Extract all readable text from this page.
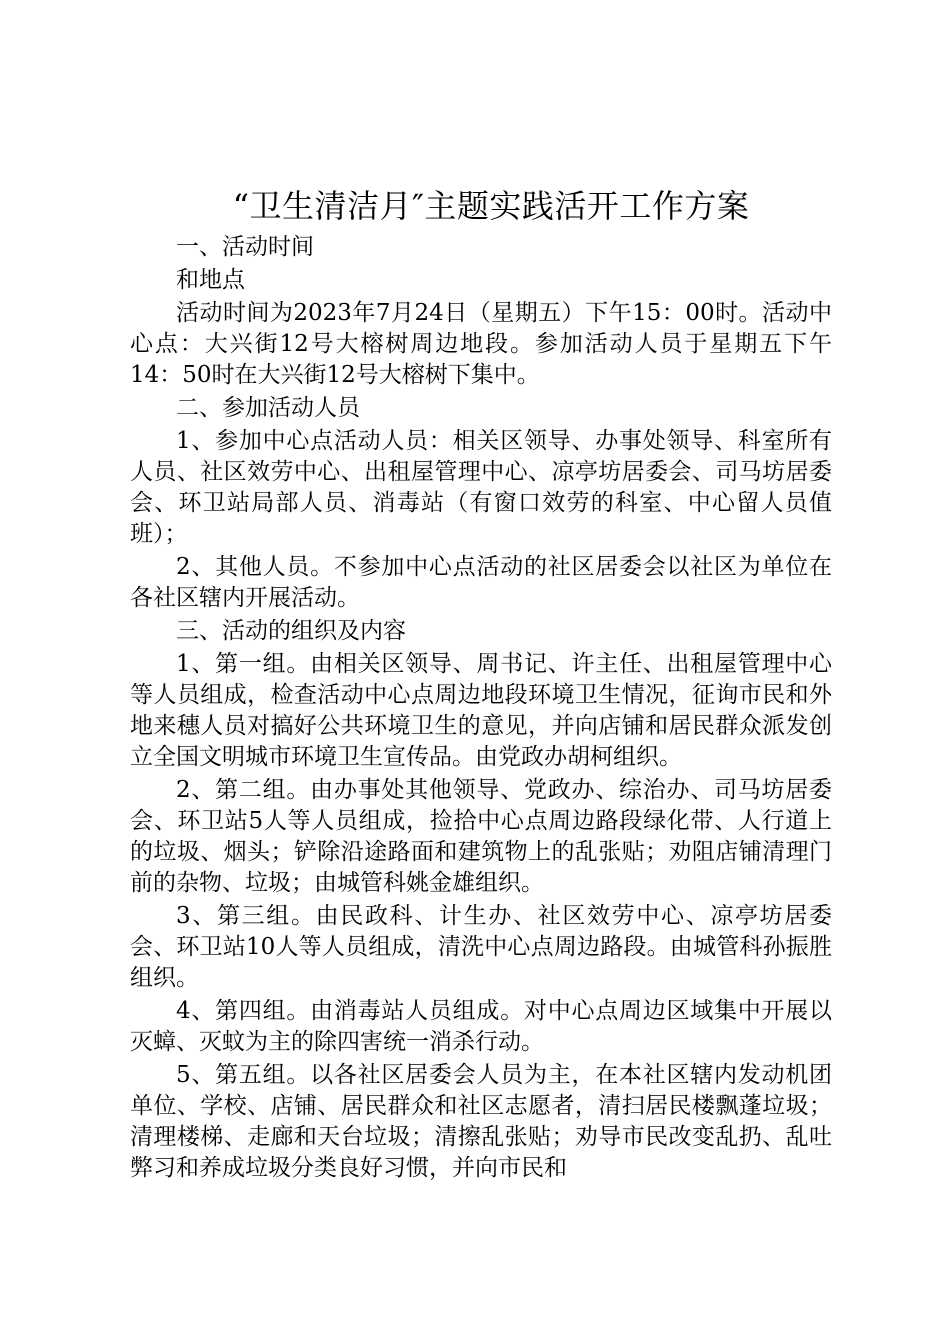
“卫生清洁月″主题实践活开工作方案

一、活动时间

和地点

活动时间为2023年7月24日（星期五）下午15：00时。活动中心点：大兴街12号大榕树周边地段。参加活动人员于星期五下午14：50时在大兴街12号大榕树下集中。

二、参加活动人员

1、参加中心点活动人员：相关区领导、办事处领导、科室所有人员、社区效劳中心、出租屋管理中心、凉亭坊居委会、司马坊居委会、环卫站局部人员、消毒站（有窗口效劳的科室、中心留人员值班）；

2、其他人员。不参加中心点活动的社区居委会以社区为单位在各社区辖内开展活动。

三、活动的组织及内容

1、第一组。由相关区领导、周书记、许主任、出租屋管理中心等人员组成，检查活动中心点周边地段环境卫生情况，征询市民和外地来穗人员对搞好公共环境卫生的意见，并向店铺和居民群众派发创立全国文明城市环境卫生宣传品。由党政办胡柯组织。

2、第二组。由办事处其他领导、党政办、综治办、司马坊居委会、环卫站5人等人员组成，捡拾中心点周边路段绿化带、人行道上的垃圾、烟头；铲除沿途路面和建筑物上的乱张贴；劝阻店铺清理门前的杂物、垃圾；由城管科姚金雄组织。

3、第三组。由民政科、计生办、社区效劳中心、凉亭坊居委会、环卫站10人等人员组成，清洗中心点周边路段。由城管科孙振胜组织。

4、第四组。由消毒站人员组成。对中心点周边区域集中开展以灭蟑、灭蚊为主的除四害统一消杀行动。

5、第五组。以各社区居委会人员为主，在本社区辖内发动机团单位、学校、店铺、居民群众和社区志愿者，清扫居民楼飘蓬垃圾；清理楼梯、走廊和天台垃圾；清擦乱张贴；劝导市民改变乱扔、乱吐弊习和养成垃圾分类良好习惯，并向市民和
